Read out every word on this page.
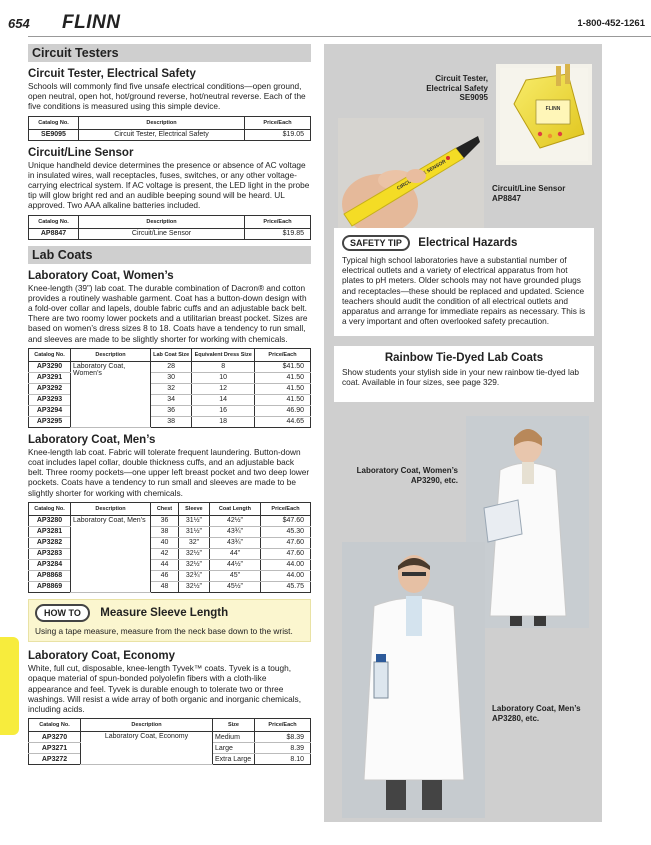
654 FLINN	1-800-452-1261
Circuit Testers
Circuit Tester, Electrical Safety
Schools will commonly find five unsafe electrical conditions—open ground, open neutral, open hot, hot/ground reverse, hot/neutral reverse. Each of the five conditions is measured using this simple device.
Catalog No.	Description	Price/Each
SE9095	Circuit Tester, Electrical Safety	$19.05
Circuit/Line Sensor
Unique handheld device determines the presence or absence of AC voltage in insulated wires, wall receptacles, fuses, switches, or any other voltage-carrying electrical system. If AC voltage is present, the LED light in the probe tip will glow bright red and an audible beeping sound will be heard. UL approved. Two AAA alkaline batteries included.
Catalog No.	Description	Price/Each
AP8847	Circuit/Line Sensor	$19.85
Lab Coats
Laboratory Coat, Women’s
Knee-length (39”) lab coat. The durable combination of Dacron® and cotton provides a routinely washable garment. Coat has a button-down design with a fold-over collar and lapels, double fabric cuffs and an adjustable back belt. There are two roomy lower pockets and a utilitarian breast pocket. Sizes are based on women’s dress sizes 8 to 18. Coats have a tendency to run small, and sleeves are made to be slightly shorter for working with chemicals.
Catalog No.	Description	Lab Coat Size	Equivalent Dress Size	Price/Each
AP3290	Laboratory Coat, Women’s	28	8	$41.50
AP3291		30	10	41.50
AP3292		32	12	41.50
AP3293		34	14	41.50
AP3294		36	16	46.90
AP3295		38	18	44.65
Laboratory Coat, Men’s
Knee-length lab coat. Fabric will tolerate frequent laundering. Button-down coat includes lapel collar, double thickness cuffs, and an adjustable back belt. Three roomy pockets—one upper left breast pocket and two deep lower pockets. Coats have a tendency to run small and sleeves are made to be slightly shorter for working with chemicals.
Catalog No.	Description	Chest	Sleeve	Coat Length	Price/Each
AP3280	Laboratory Coat, Men’s	36	31½”	42½”	$47.60
AP3281		38	31½”	43¾”	45.30
AP3282		40	32”	43¾”	47.60
AP3283		42	32½”	44”	47.60
AP3284		44	32½”	44½”	44.00
AP8868		46	32¾”	45”	44.00
AP8869		48	32½”	45½”	45.75
HOW TO Measure Sleeve Length
Using a tape measure, measure from the neck base down to the wrist.
Laboratory Coat, Economy
White, full cut, disposable, knee-length Tyvek™ coats. Tyvek is a tough, opaque material of spun-bonded polyolefin fibers with a cloth-like appearance and feel. Tyvek is durable enough to tolerate two or three washings. Will resist a wide array of both organic and inorganic chemicals, including acids.
Catalog No.	Description	Size	Price/Each
AP3270	Laboratory Coat, Economy	Medium	$8.39
AP3271		Large	8.39
AP3272		Extra Large	8.10
Circuit Tester,
Electrical Safety
SE9095
FLINN
SENSOR
Circuit/Line Sensor
AP8847
SAFETY TIP Electrical Hazards
Typical high school laboratories have a substantial number of electrical outlets and a variety of electrical apparatus from hot plates to pH meters. Older schools may not have grounded plugs and receptacles—these should be replaced and updated. Science teachers should audit the condition of all electrical outlets and apparatus and arrange for immediate repairs as necessary. This is a very important and often overlooked safety precaution.
Rainbow Tie-Dyed Lab Coats
Show students your stylish side in your new rainbow tie-dyed lab coat. Available in four sizes, see page 329.
Laboratory Coat, Women’s
AP3290, etc.
Laboratory Coat, Men’s
AP3280, etc.
